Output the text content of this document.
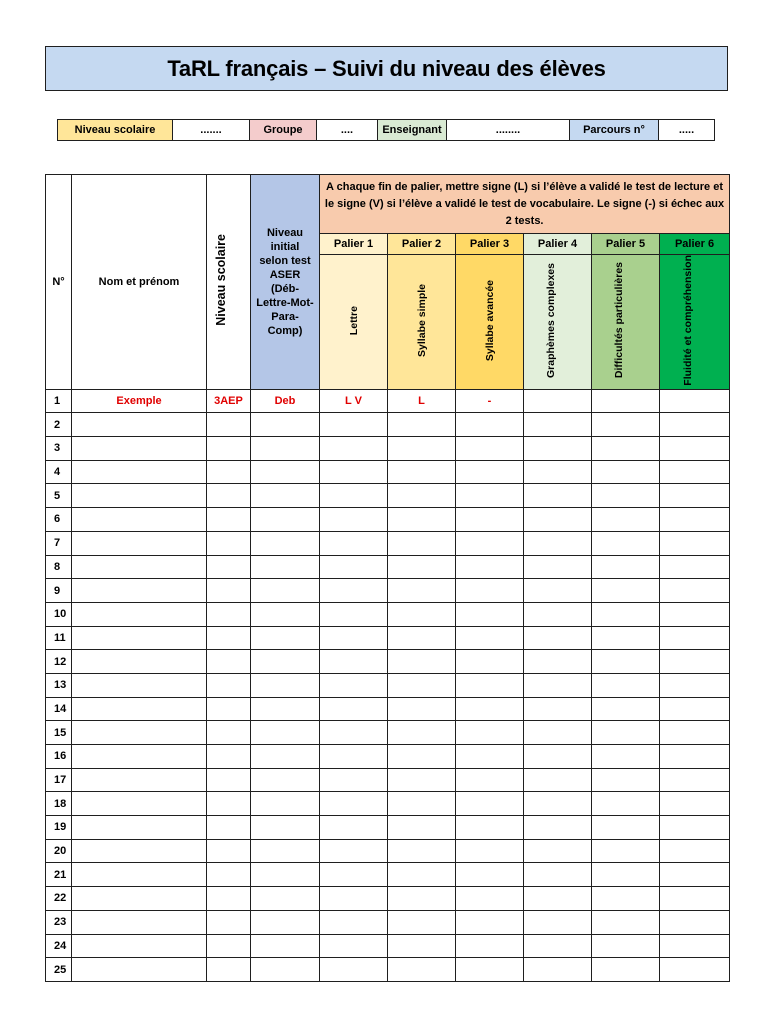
TaRL français – Suivi du niveau des élèves
Niveau scolaire	.......	Groupe	....	Enseignant	........	Parcours n°	.....
N°	Nom et prénom	Niveau scolaire	Niveau initial selon test ASER (Déb-Lettre-Mot-Para-Comp)	A chaque fin de palier, mettre signe (L) si l’élève a validé le test de lecture et le signe (V) si l’élève a validé le test de vocabulaire. Le signe (-) si échec aux 2 tests.					
				Palier 1	Palier 2	Palier 3	Palier 4	Palier 5	Palier 6
				Lettre	Syllabe simple	Syllabe avancée	Graphèmes complexes	Difficultés particulières	Fluidité et compréhension
1	Exemple	3AEP	Deb	L V	L	-			
2									
3									
4									
5									
6									
7									
8									
9									
10									
11									
12									
13									
14									
15									
16									
17									
18									
19									
20									
21									
22									
23									
24									
25									
